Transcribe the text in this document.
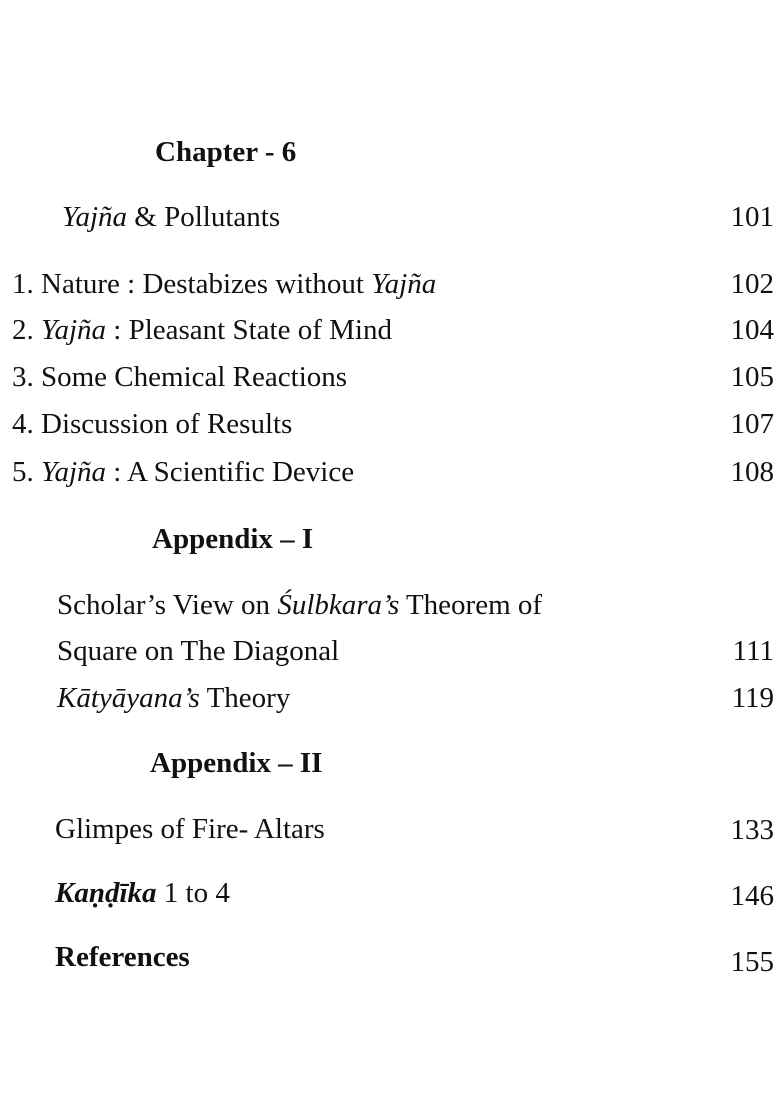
Chapter - 6
Yajña & Pollutants	101
1. Nature : Destabizes without Yajña	102
2. Yajña : Pleasant State of Mind	104
3. Some Chemical Reactions	105
4. Discussion of Results	107
5. Yajña : A Scientific Device	108
Appendix – I
Scholar’s View on Śulbkara’s Theorem of
Square on The Diagonal	111
Kātyāyana’s Theory	119
Appendix – II
Glimpes of Fire- Altars	133
Kaṇḍīka 1 to 4	146
References	155
